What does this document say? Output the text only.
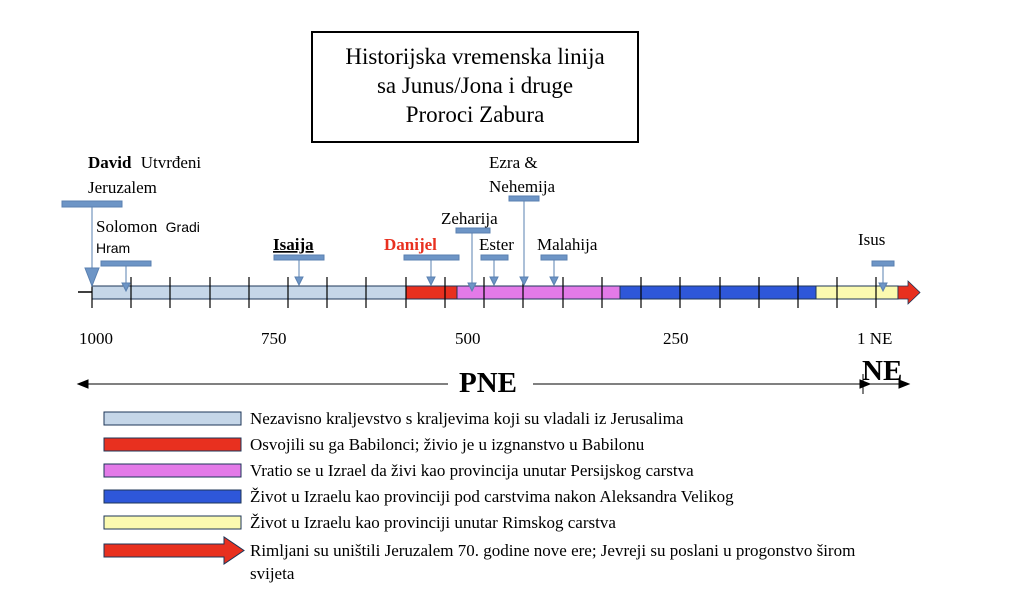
Historijska vremenska linija
sa Junus/Jona i druge
Proroci Zabura
1000	750	500	250	1 NE
PNE	NE
David Utvrđeni
Jeruzalem
Solomon Gradi
Hram	Isaija	Danijel
Zeharija
Ester
Ezra &
Nehemija
Malahija	Isus
Nezavisno kraljevstvo s kraljevima koji su vladali iz Jerusalima
Osvojili su ga Babilonci; živio je u izgnanstvo u Babilonu
Vratio se u Izrael da živi kao provincija unutar Persijskog carstva
Život u Izraelu kao provinciji pod carstvima nakon Aleksandra Velikog
Život u Izraelu kao provinciji unutar Rimskog carstva
Rimljani su uništili Jeruzalem 70. godine nove ere; Jevreji su poslani u progonstvo širom
svijeta
